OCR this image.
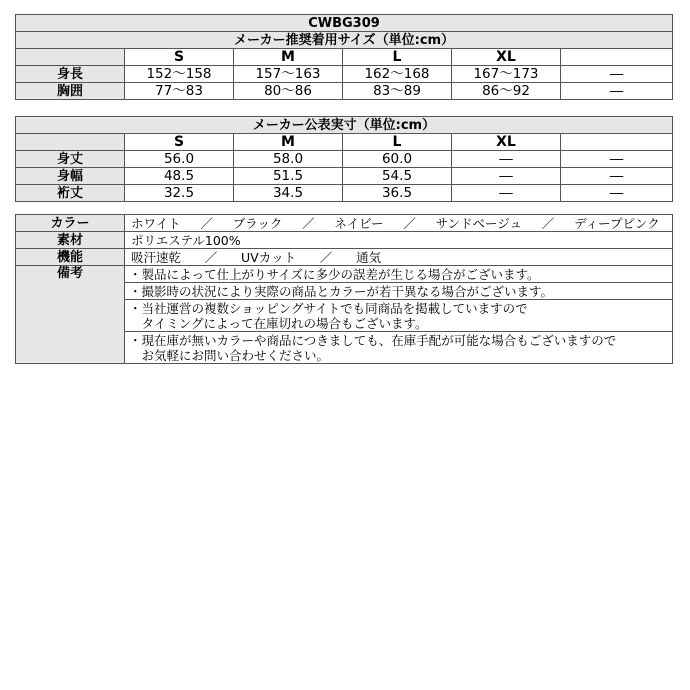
CWBG309					
メーカー推奨着用サイズ（単位:cm）					
	S	M	L	XL	
身長	152〜158	157〜163	162〜168	167〜173	―
胸囲	77〜83	80〜86	83〜89	86〜92	―
メーカー公表実寸（単位:cm）					
	S	M	L	XL	
身丈	56.0	58.0	60.0	―	―
身幅	48.5	51.5	54.5	―	―
裄丈	32.5	34.5	36.5	―	―
カラー	ホワイト ／ ブラック ／ ネイビー ／ サンドベージュ ／ ディープピンク
素材	ポリエステル100%
機能	吸汗速乾 ／ UVカット ／ 通気
備考	・製品によって仕上がりサイズに多少の誤差が生じる場合がございます。
	・撮影時の状況により実際の商品とカラーが若干異なる場合がございます。

	・当社運営の複数ショッピングサイトでも同商品を掲載していますので
　タイミングによって在庫切れの場合もございます。

	・現在庫が無いカラーや商品につきましても、在庫手配が可能な場合もございますので
　お気軽にお問い合わせください。
